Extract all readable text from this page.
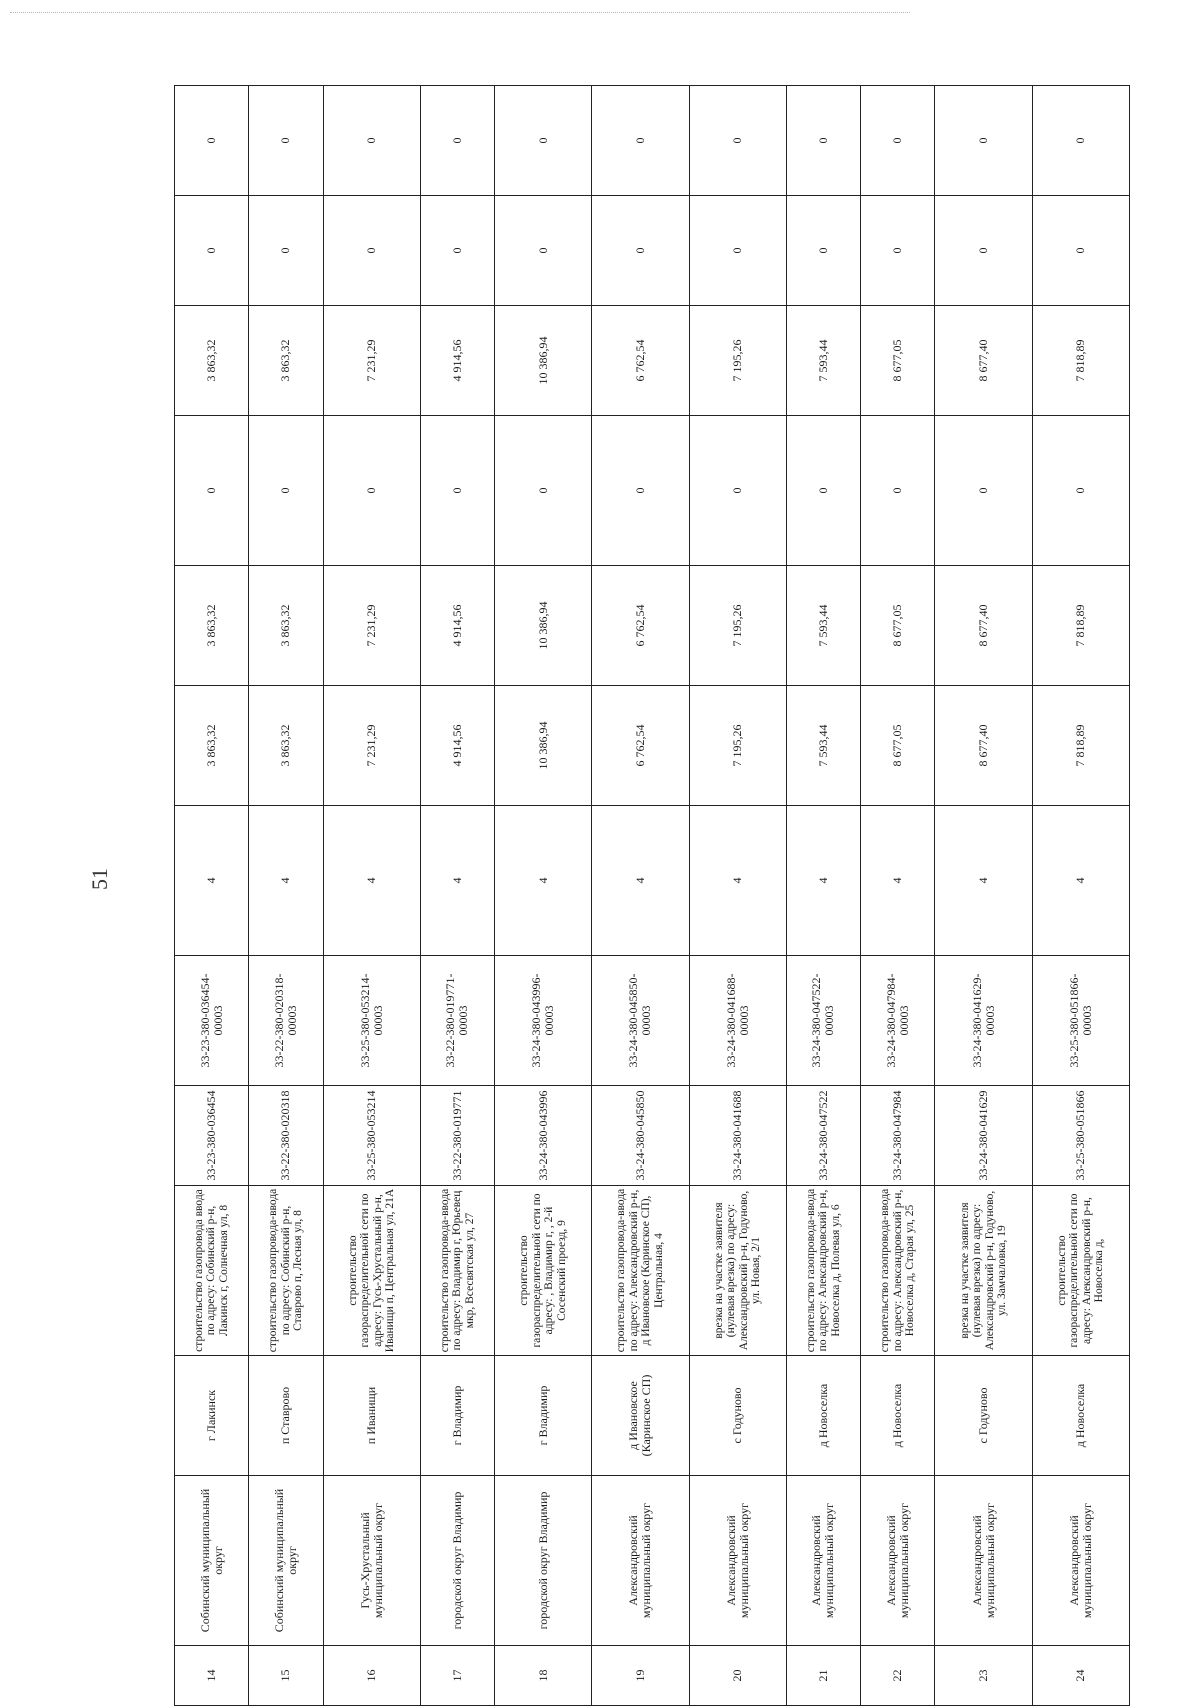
51
14	Собинский муниципальный округ	г Лакинск	строительство газопровода ввода по адресу: Собинский р-н, Лакинск г, Солнечная ул, 8	33-23-380-036454	33-23-380-036454-00003	4	3 863,32	3 863,32	0	3 863,32	0	0
15	Собинский муниципальный округ	п Ставрово	строительство газопровода-ввода по адресу: Собинский р-н, Ставрово п, Лесная ул, 8	33-22-380-020318	33-22-380-020318-00003	4	3 863,32	3 863,32	0	3 863,32	0	0
16	Гусь-Хрустальный муниципальный округ	п Иванищи	строительство газораспределительной сети по адресу: Гусь-Хрустальный р-н, Иванищи п, Центральная ул, 21А	33-25-380-053214	33-25-380-053214-00003	4	7 231,29	7 231,29	0	7 231,29	0	0
17	городской округ Владимир	г Владимир	строительство газопровода-ввода по адресу: Владимир г, Юрьевец мкр, Всесвятская ул, 27	33-22-380-019771	33-22-380-019771-00003	4	4 914,56	4 914,56	0	4 914,56	0	0
18	городской округ Владимир	г Владимир	строительство газораспределительной сети по адресу: , Владимир г, , 2-й Сосенский проезд, 9	33-24-380-043996	33-24-380-043996-00003	4	10 386,94	10 386,94	0	10 386,94	0	0
19	Александровский муниципальный округ	д Ивановское (Каринское СП)	строительство газопровода-ввода по адресу: Александровский р-н, д Ивановское (Каринское СП), Центральная, 4	33-24-380-045850	33-24-380-045850-00003	4	6 762,54	6 762,54	0	6 762,54	0	0
20	Александровский муниципальный округ	с Годуново	врезка на участке заявителя (нулевая врезка) по адресу: Александровский р-н, Годуново, ул. Новая, 2/1	33-24-380-041688	33-24-380-041688-00003	4	7 195,26	7 195,26	0	7 195,26	0	0
21	Александровский муниципальный округ	д Новоселка	строительство газопровода-ввода по адресу: Александровский р-н, Новоселка д, Полевая ул, 6	33-24-380-047522	33-24-380-047522-00003	4	7 593,44	7 593,44	0	7 593,44	0	0
22	Александровский муниципальный округ	д Новоселка	строительство газопровода-ввода по адресу: Александровский р-н, Новоселка д, Старая ул, 25	33-24-380-047984	33-24-380-047984-00003	4	8 677,05	8 677,05	0	8 677,05	0	0
23	Александровский муниципальный округ	с Годуново	врезка на участке заявителя (нулевая врезка) по адресу: Александровский р-н, Годуново, ул. Замчаловка, 19	33-24-380-041629	33-24-380-041629-00003	4	8 677,40	8 677,40	0	8 677,40	0	0
24	Александровский муниципальный округ	д Новоселка	строительство газораспределительной сети по адресу: Александровский р-н, Новоселка д,	33-25-380-051866	33-25-380-051866-00003	4	7 818,89	7 818,89	0	7 818,89	0	0
